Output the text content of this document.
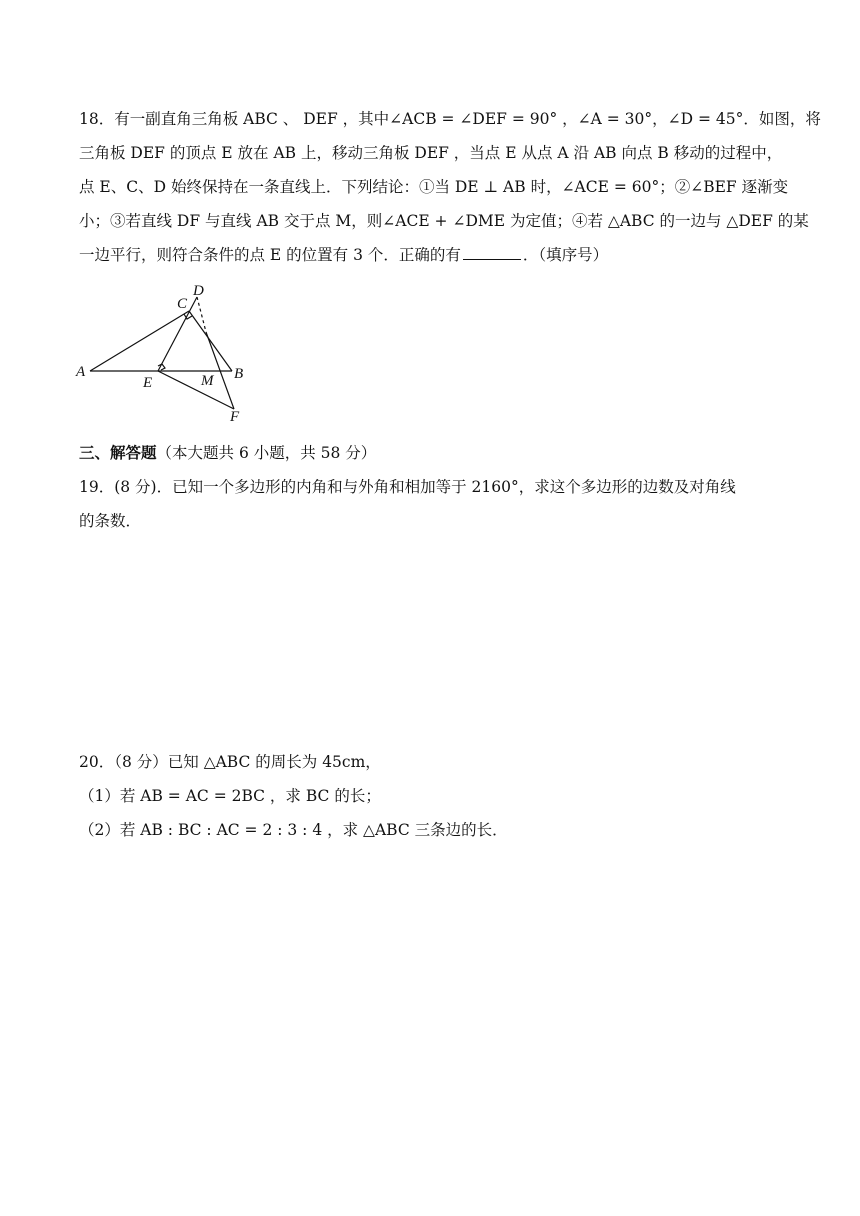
18．有一副直角三角板 ABC 、 DEF ，其中∠ACB = ∠DEF = 90° ，∠A = 30°，∠D = 45°．如图，将
三角板 DEF 的顶点 E 放在 AB 上，移动三角板 DEF ，当点 E 从点 A 沿 AB 向点 B 移动的过程中，
点 E、C、D 始终保持在一条直线上．下列结论：①当 DE ⊥ AB 时，∠ACE = 60°；②∠BEF 逐渐变
小；③若直线 DF 与直线 AB 交于点 M，则∠ACE + ∠DME 为定值；④若 △ABC 的一边与 △DEF 的某
一边平行，则符合条件的点 E 的位置有 3 个．正确的有	．（填序号）
A	B
C
D
E	M
F
三、解答题（本大题共 6 小题，共 58 分）
19．(8 分)．已知一个多边形的内角和与外角和相加等于 2160°，求这个多边形的边数及对角线
的条数．
20．（8 分）已知 △ABC 的周长为 45cm，
（1）若 AB = AC = 2BC ，求 BC 的长；
（2）若 AB : BC : AC = 2 : 3 : 4 ，求 △ABC 三条边的长．
